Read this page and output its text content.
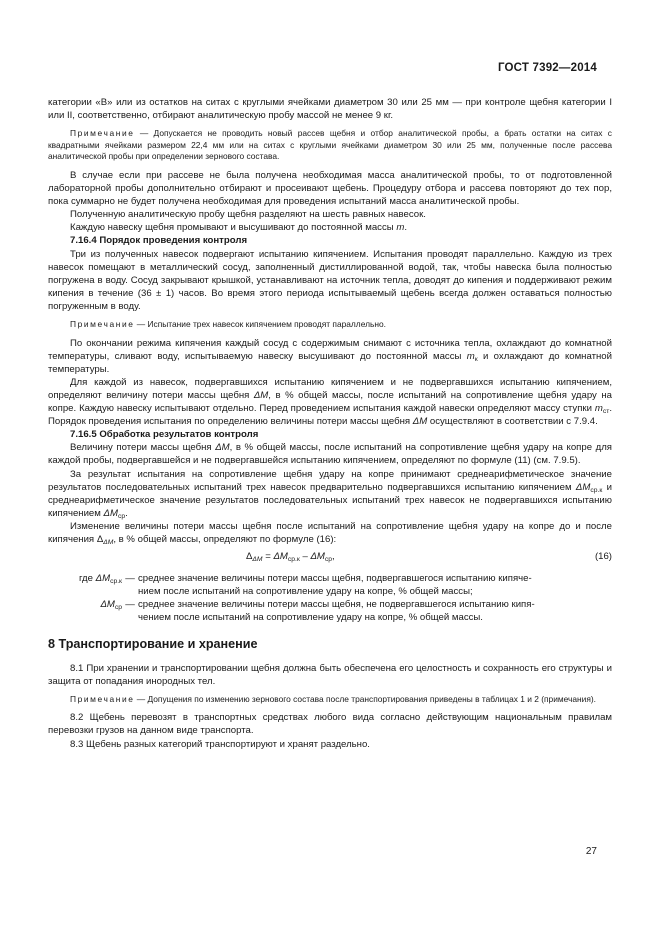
ГОСТ 7392—2014

категории «В» или из остатков на ситах с круглыми ячейками диаметром 30 или 25 мм — при контроле щебня категории I или II, соответственно, отбирают аналитическую пробу массой не менее 9 кг.

Примечание — Допускается не проводить новый рассев щебня и отбор аналитической пробы, а брать остатки на ситах с квадратными ячейками размером 22,4 мм или на ситах с круглыми ячейками диаметром 30 или 25 мм, полученные после рассева аналитической пробы при определении зернового состава.

В случае если при рассеве не была получена необходимая масса аналитической пробы, то от подготовленной лабораторной пробы дополнительно отбирают и просеивают щебень. Процедуру отбора и рассева повторяют до тех пор, пока суммарно не будет получена необходимая для проведения испытаний масса аналитической пробы.

Полученную аналитическую пробу щебня разделяют на шесть равных навесок.

Каждую навеску щебня промывают и высушивают до постоянной массы m.

7.16.4 Порядок проведения контроля

Три из полученных навесок подвергают испытанию кипячением. Испытания проводят параллельно. Каждую из трех навесок помещают в металлический сосуд, заполненный дистиллированной водой, так, чтобы навеска была полностью погружена в воду. Сосуд закрывают крышкой, устанавливают на источник тепла, доводят до кипения и поддерживают режим кипения в течение (36 ± 1) часов. Во время этого периода испытываемый щебень всегда должен оставаться полностью погруженным в воду.

Примечание — Испытание трех навесок кипячением проводят параллельно.

По окончании режима кипячения каждый сосуд с содержимым снимают с источника тепла, охлаждают до комнатной температуры, сливают воду, испытываемую навеску высушивают до постоянной массы $m_к$ и охлаждают до комнатной температуры.

Для каждой из навесок, подвергавшихся испытанию кипячением и не подвергавшихся испытанию кипячением, определяют величину потери массы щебня ΔM, в % общей массы, после испытаний на сопротивление щебня удару на копре. Каждую навеску испытывают отдельно. Перед проведением испытания каждой навески определяют массу ступки $m_{ст}$. Порядок проведения испытания по определению величины потери массы щебня ΔM осуществляют в соответствии с 7.9.4.

7.16.5 Обработка результатов контроля

Величину потери массы щебня ΔM, в % общей массы, после испытаний на сопротивление щебня удару на копре для каждой пробы, подвергавшейся и не подвергавшейся испытанию кипячением, определяют по формуле (11) (см. 7.9.5).

За результат испытания на сопротивление щебня удару на копре принимают среднеарифметическое значение результатов последовательных испытаний трех навесок предварительно подвергавшихся испытанию кипячением $\Delta M_{ср.к}$ и среднеарифметическое значение результатов последовательных испытаний трех навесок не подвергавшихся испытанию кипячением $\Delta M_{ср}$.

Изменение величины потери массы щебня после испытаний на сопротивление щебня удару на копре до и после кипячения $\Delta_{\Delta M}$, в % общей массы, определяют по формуле (16):

$\Delta_{\Delta M} = \Delta M_{ср.к} - \Delta M_{ср}$,	(16)
где $\Delta M_{ср.к}$ — среднее значение величины потери массы щебня, подвергавшегося испытанию кипяче-
нием после испытаний на сопротивление удару на копре, % общей массы;
$\Delta M_{ср}$ — среднее значение величины потери массы щебня, не подвергавшегося испытанию кипя-
чением после испытаний на сопротивление удару на копре, % общей массы.
8 Транспортирование и хранение

8.1 При хранении и транспортировании щебня должна быть обеспечена его целостность и сохранность его структуры и защита от попадания инородных тел.

Примечание — Допущения по изменению зернового состава после транспортирования приведены в таблицах 1 и 2 (примечания).

8.2 Щебень перевозят в транспортных средствах любого вида согласно действующим национальным правилам перевозки грузов на данном виде транспорта.

8.3 Щебень разных категорий транспортируют и хранят раздельно.

27
